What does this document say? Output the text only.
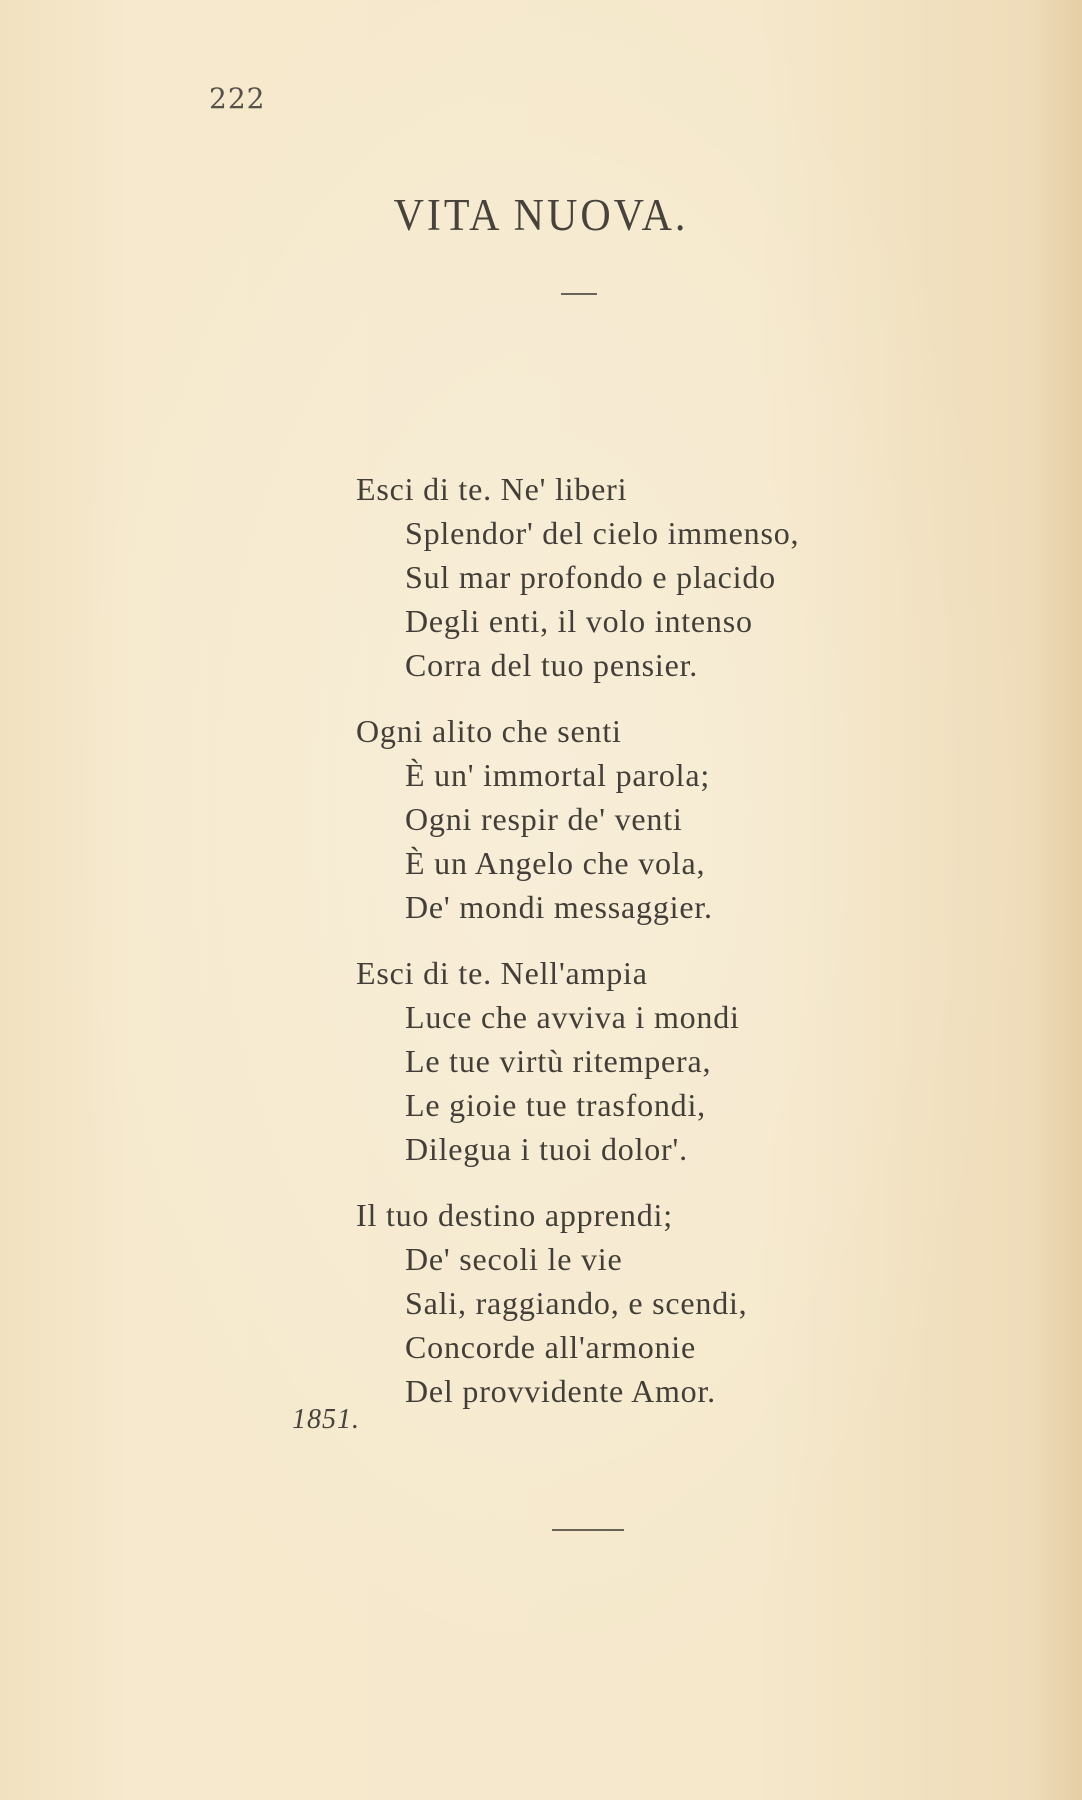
222
VITA NUOVA.
Esci di te. Ne' liberi
Splendor' del cielo immenso,
Sul mar profondo e placido
Degli enti, il volo intenso
Corra del tuo pensier.
Ogni alito che senti
È un' immortal parola;
Ogni respir de' venti
È un Angelo che vola,
De' mondi messaggier.
Esci di te. Nell'ampia
Luce che avviva i mondi
Le tue virtù ritempera,
Le gioie tue trasfondi,
Dilegua i tuoi dolor'.
Il tuo destino apprendi;
De' secoli le vie
Sali, raggiando, e scendi,
Concorde all'armonie
Del provvidente Amor.
1851.
